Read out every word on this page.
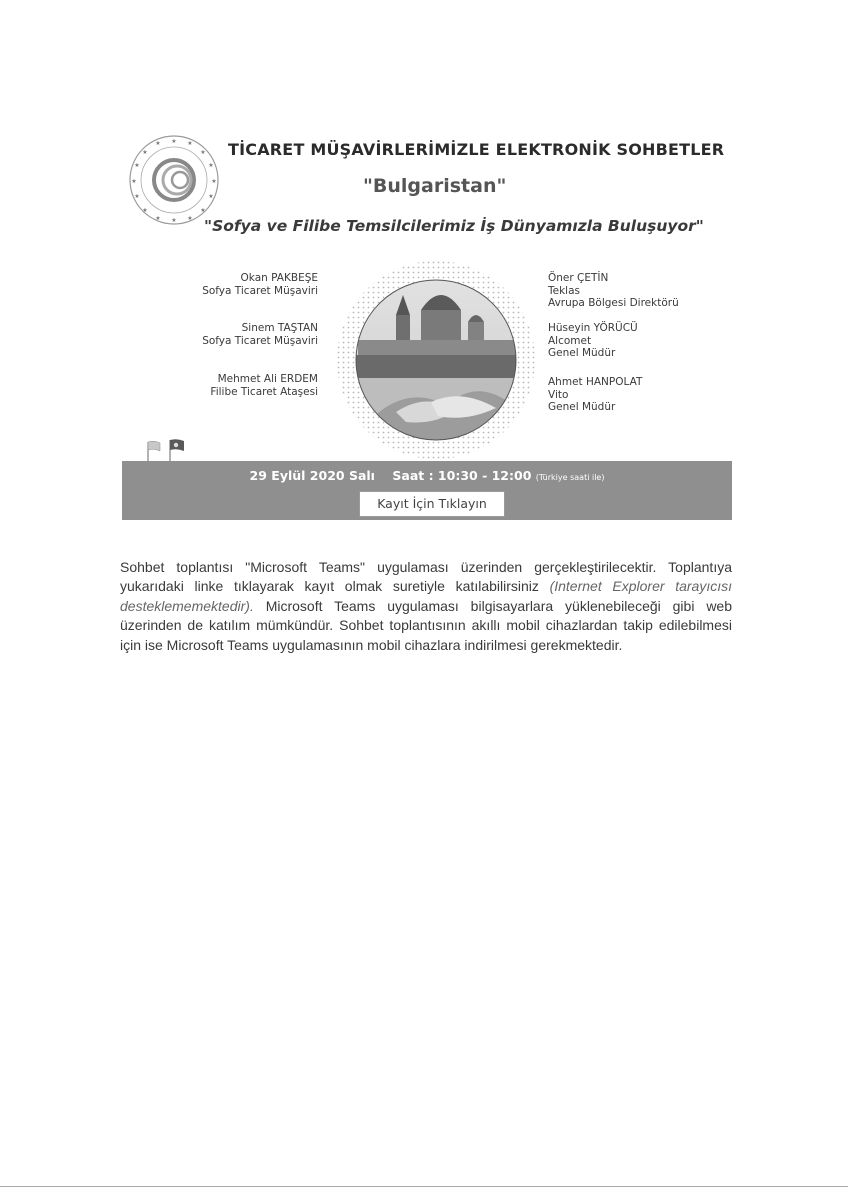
★
★
★	★
★	★
★	★
★	★
★	★
★	★
★	★
TİCARET MÜŞAVİRLERİMİZLE ELEKTRONİK SOHBETLER
"Bulgaristan"
"Sofya ve Filibe Temsilcilerimiz İş Dünyamızla Buluşuyor"
Okan PAKBEŞE
Sofya Ticaret Müşaviri
Sinem TAŞTAN
Sofya Ticaret Müşaviri
Mehmet Ali ERDEM
Filibe Ticaret Ataşesi
Öner ÇETİN
Teklas
Avrupa Bölgesi Direktörü
Hüseyin YÖRÜCÜ
Alcomet
Genel Müdür
Ahmet HANPOLAT
Vito
Genel Müdür
29 Eylül 2020 Salı Saat : 10:30 - 12:00 (Türkiye saati ile)
Kayıt İçin Tıklayın
Sohbet toplantısı "Microsoft Teams" uygulaması üzerinden gerçekleştirilecektir. Toplantıya yukarıdaki linke tıklayarak kayıt olmak suretiyle katılabilirsiniz (Internet Explorer tarayıcısı desteklememektedir). Microsoft Teams uygulaması bilgisayarlara yüklenebileceği gibi web üzerinden de katılım mümkündür. Sohbet toplantısının akıllı mobil cihazlardan takip edilebilmesi için ise Microsoft Teams uygulamasının mobil cihazlara indirilmesi gerekmektedir.
